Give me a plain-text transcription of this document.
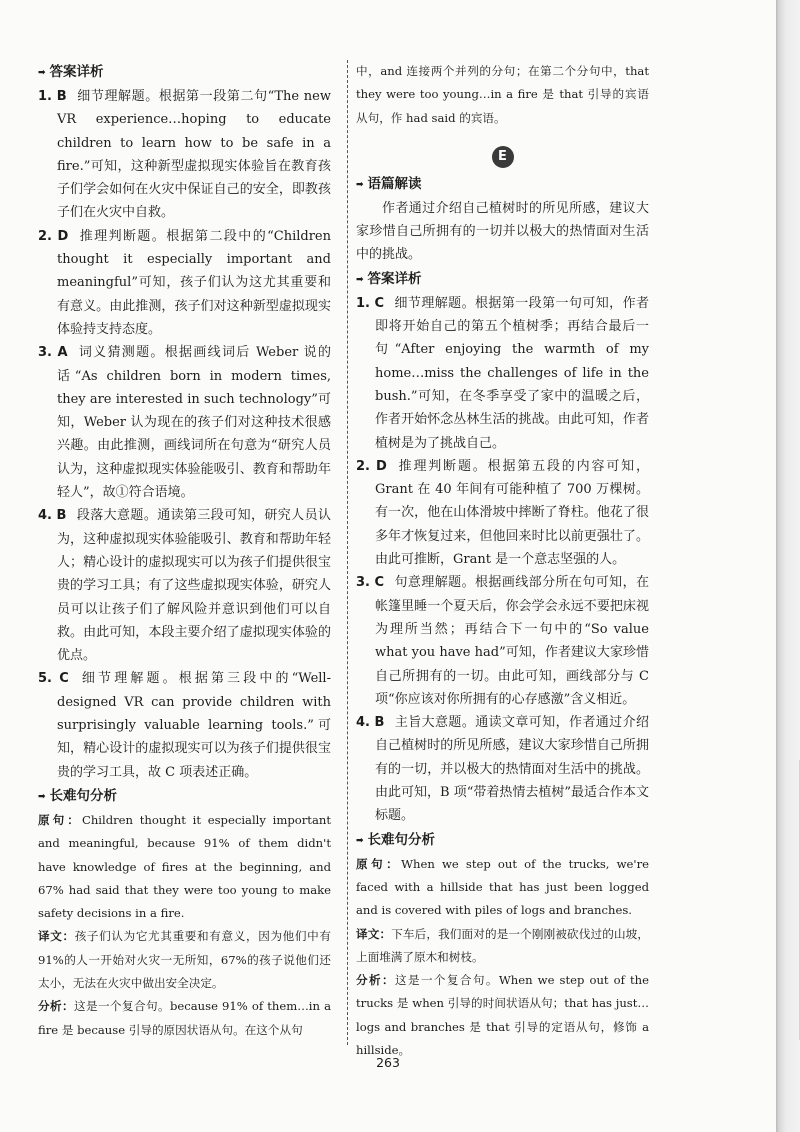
➡ 答案详析

1. B 细节理解题。根据第一段第二句“The new VR experience…hoping to educate children to learn how to be safe in a fire.”可知，这种新型虚拟现实体验旨在教育孩子们学会如何在火灾中保证自己的安全，即教孩子们在火灾中自救。

2. D 推理判断题。根据第二段中的“Children thought it especially important and meaningful”可知，孩子们认为这尤其重要和有意义。由此推测，孩子们对这种新型虚拟现实体验持支持态度。

3. A 词义猜测题。根据画线词后 Weber 说的话“As children born in modern times, they are interested in such technology”可知，Weber 认为现在的孩子们对这种技术很感兴趣。由此推测，画线词所在句意为“研究人员认为，这种虚拟现实体验能吸引、教育和帮助年轻人”，故①符合语境。

4. B 段落大意题。通读第三段可知，研究人员认为，这种虚拟现实体验能吸引、教育和帮助年轻人；精心设计的虚拟现实可以为孩子们提供很宝贵的学习工具；有了这些虚拟现实体验，研究人员可以让孩子们了解风险并意识到他们可以自救。由此可知，本段主要介绍了虚拟现实体验的优点。

5. C 细节理解题。根据第三段中的“Well-designed VR can provide children with surprisingly valuable learning tools.”可知，精心设计的虚拟现实可以为孩子们提供很宝贵的学习工具，故 C 项表述正确。

➡ 长难句分析

原句：Children thought it especially important and meaningful, because 91% of them didn't have knowledge of fires at the beginning, and 67% had said that they were too young to make safety decisions in a fire.

译文：孩子们认为它尤其重要和有意义，因为他们中有91%的人一开始对火灾一无所知，67%的孩子说他们还太小，无法在火灾中做出安全决定。

分析：这是一个复合句。because 91% of them…in a fire 是 because 引导的原因状语从句。在这个从句

中，and 连接两个并列的分句；在第二个分句中，that they were too young…in a fire 是 that 引导的宾语从句，作 had said 的宾语。

E

➡ 语篇解读

作者通过介绍自己植树时的所见所感，建议大家珍惜自己所拥有的一切并以极大的热情面对生活中的挑战。

➡ 答案详析

1. C 细节理解题。根据第一段第一句可知，作者即将开始自己的第五个植树季；再结合最后一句“After enjoying the warmth of my home…miss the challenges of life in the bush.”可知，在冬季享受了家中的温暖之后，作者开始怀念丛林生活的挑战。由此可知，作者植树是为了挑战自己。

2. D 推理判断题。根据第五段的内容可知，Grant 在 40 年间有可能种植了 700 万棵树。有一次，他在山体滑坡中摔断了脊柱。他花了很多年才恢复过来，但他回来时比以前更强壮了。由此可推断，Grant 是一个意志坚强的人。

3. C 句意理解题。根据画线部分所在句可知，在帐篷里睡一个夏天后，你会学会永远不要把床视为理所当然；再结合下一句中的“So value what you have had”可知，作者建议大家珍惜自己所拥有的一切。由此可知，画线部分与 C 项“你应该对你所拥有的心存感激”含义相近。

4. B 主旨大意题。通读文章可知，作者通过介绍自己植树时的所见所感，建议大家珍惜自己所拥有的一切，并以极大的热情面对生活中的挑战。由此可知，B 项“带着热情去植树”最适合作本文标题。

➡ 长难句分析

原句：When we step out of the trucks, we're faced with a hillside that has just been logged and is covered with piles of logs and branches.

译文：下车后，我们面对的是一个刚刚被砍伐过的山坡，上面堆满了原木和树枝。

分析：这是一个复合句。When we step out of the trucks 是 when 引导的时间状语从句；that has just…logs and branches 是 that 引导的定语从句，修饰 a hillside。

263
